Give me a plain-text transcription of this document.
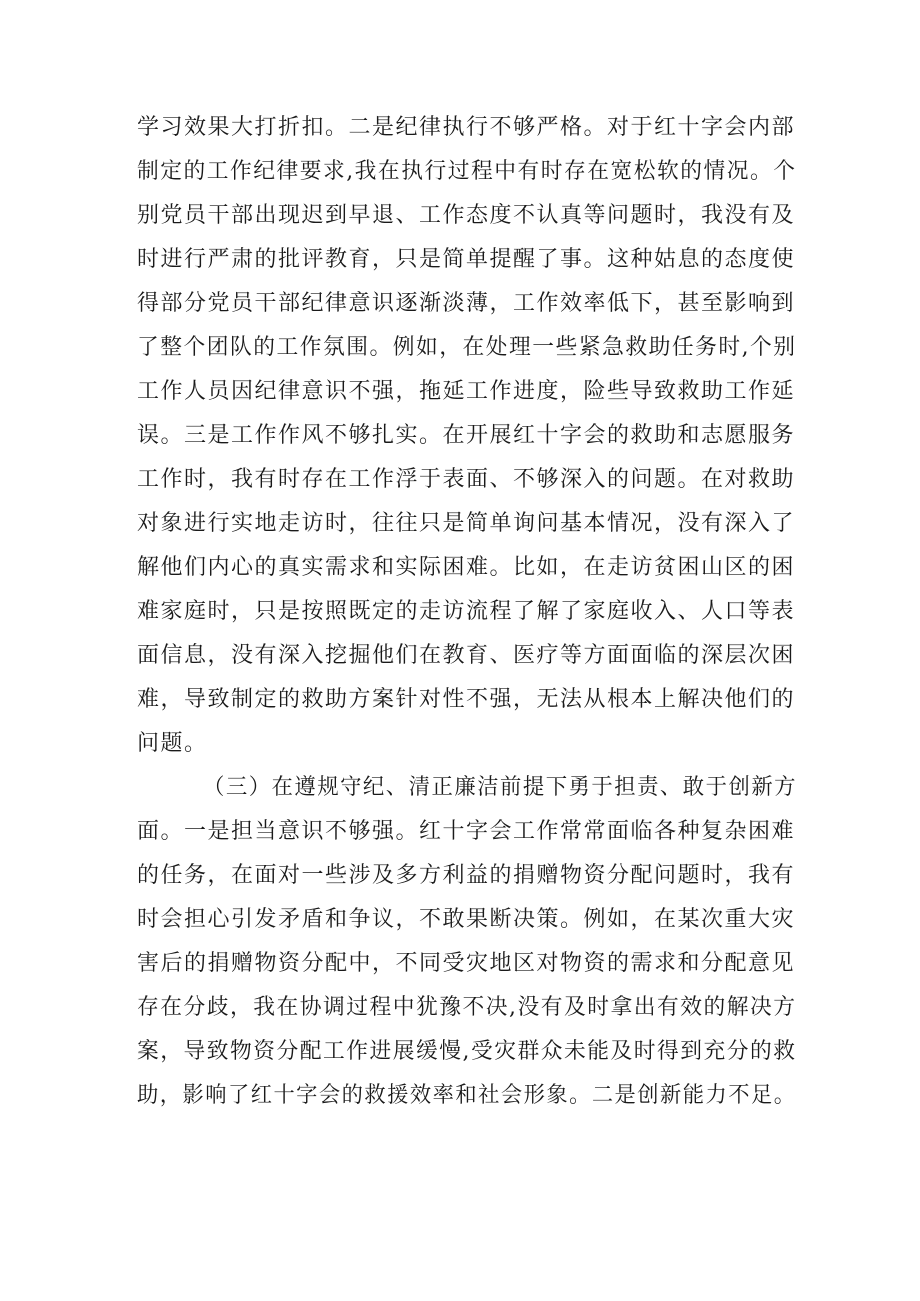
学习效果大打折扣。二是纪律执行不够严格。对于红十字会内部
制定的工作纪律要求,我在执行过程中有时存在宽松软的情况。个
别党员干部出现迟到早退、工作态度不认真等问题时，我没有及
时进行严肃的批评教育，只是简单提醒了事。这种姑息的态度使
得部分党员干部纪律意识逐渐淡薄，工作效率低下，甚至影响到
了整个团队的工作氛围。例如，在处理一些紧急救助任务时,个别
工作人员因纪律意识不强，拖延工作进度，险些导致救助工作延
误。三是工作作风不够扎实。在开展红十字会的救助和志愿服务
工作时，我有时存在工作浮于表面、不够深入的问题。在对救助
对象进行实地走访时，往往只是简单询问基本情况，没有深入了
解他们内心的真实需求和实际困难。比如，在走访贫困山区的困
难家庭时，只是按照既定的走访流程了解了家庭收入、人口等表
面信息，没有深入挖掘他们在教育、医疗等方面面临的深层次困
难，导致制定的救助方案针对性不强，无法从根本上解决他们的
问题。
（三）在遵规守纪、清正廉洁前提下勇于担责、敢于创新方
面。一是担当意识不够强。红十字会工作常常面临各种复杂困难
的任务，在面对一些涉及多方利益的捐赠物资分配问题时，我有
时会担心引发矛盾和争议，不敢果断决策。例如，在某次重大灾
害后的捐赠物资分配中，不同受灾地区对物资的需求和分配意见
存在分歧，我在协调过程中犹豫不决,没有及时拿出有效的解决方
案，导致物资分配工作进展缓慢,受灾群众未能及时得到充分的救
助，影响了红十字会的救援效率和社会形象。二是创新能力不足。
